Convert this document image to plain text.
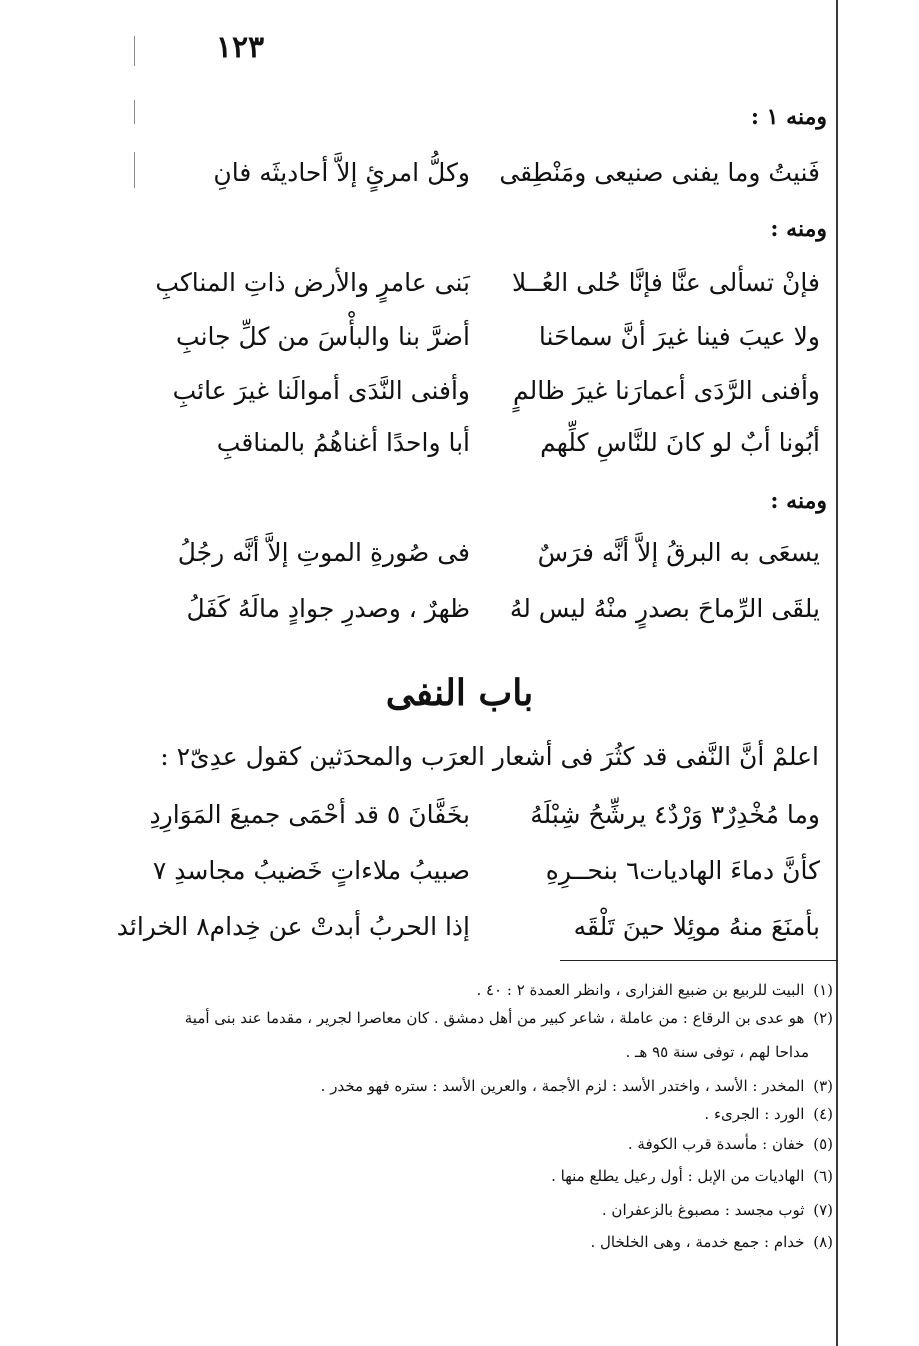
١٢٣
ومنه ١ :
فَنيتُ وما يفنى صنيعى ومَنْطِقى
وكلُّ امرئٍ إلاَّ أحاديثَه فانِ
ومنه :
فإنْ تسألى عنَّا فإنَّا حُلى العُــلا
بَنى عامرٍ والأرض ذاتِ المناكبِ
ولا عيبَ فينا غيرَ أنَّ سماحَنا
أضرَّ بنا والبأْسَ من كلِّ جانبِ
وأفنى الرَّدَى أعمارَنا غيرَ ظالمٍ
وأفنى النَّدَى أموالَنا غيرَ عائبِ
أبُونا أبٌ لو كانَ للنَّاسِ كلِّهم
أبا واحدًا أغناهُمُ بالمناقبِ
ومنه :
يسعَى به البرقُ إلاَّ أنَّه فرَسٌ
فى صُورةِ الموتِ إلاَّ أنَّه رجُلُ
يلقَى الرِّماحَ بصدرٍ منْهُ ليس لهُ
ظهرٌ ، وصدرِ جوادٍ مالَهُ كَفَلُ
باب النفى
اعلمْ أنَّ النَّفى قد كثُرَ فى أشعار العرَب والمحدَثين كقول عدِىّ٢ :
وما مُخْدِرٌ٣ وَرْدٌ٤ يرشِّحُ شِبْلَهُ
بخَفَّانَ ٥ قد أحْمَى جميعَ المَوَارِدِ
كأنَّ دماءَ الهاديات٦ بنحــرِهِ
صبيبُ ملاءاتٍ خَضيبُ مجاسدِ ٧
بأمنَعَ منهُ موئِلا حينَ تَلْقَه
إذا الحربُ أبدتْ عن خِدام٨ الخرائد
(١) البيت للربيع بن ضبيع الفزارى ، وانظر العمدة ٢ : ٤٠ .
(٢) هو عدى بن الرقاع : من عاملة ، شاعر كبير من أهل دمشق . كان معاصرا لجرير ، مقدما عند بنى أمية
مداحا لهم ، توفى سنة ٩٥ هـ .
(٣) المخدر : الأسد ، واختدر الأسد : لزم الأجمة ، والعرين الأسد : ستره فهو مخدر .
(٤) الورد : الجرىء .
(٥) خفان : مأسدة قرب الكوفة .
(٦) الهاديات من الإبل : أول رعيل يطلع منها .
(٧) ثوب مجسد : مصبوغ بالزعفران .
(٨) خدام : جمع خدمة ، وهى الخلخال .
